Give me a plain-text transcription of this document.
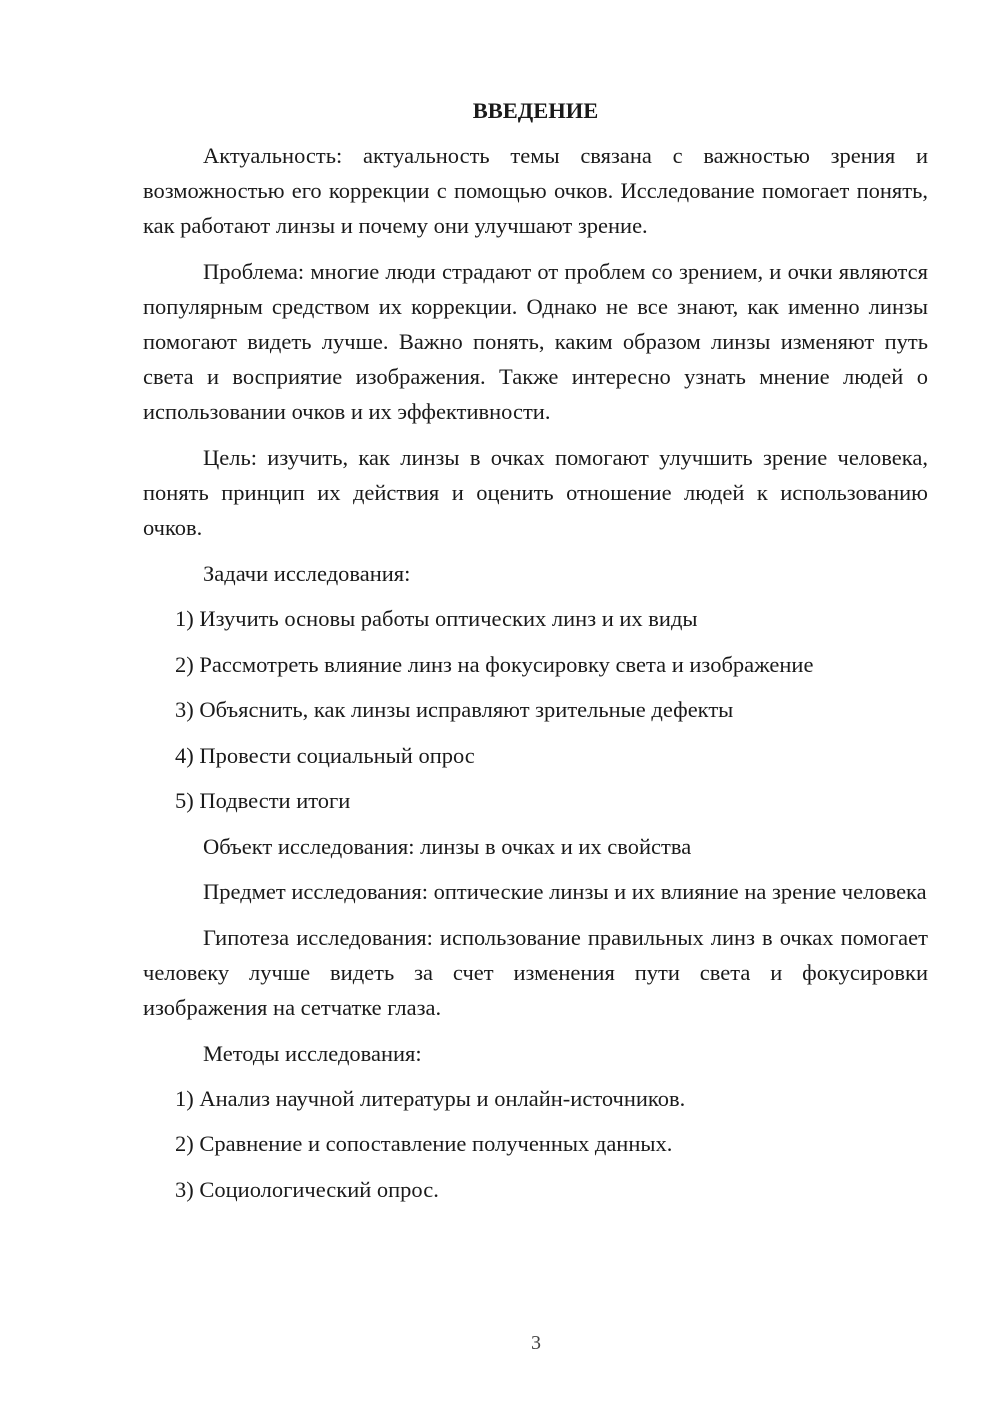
ВВЕДЕНИЕ

Актуальность: актуальность темы связана с важностью зрения и возможностью его коррекции с помощью очков. Исследование помогает понять, как работают линзы и почему они улучшают зрение.

Проблема: многие люди страдают от проблем со зрением, и очки являются популярным средством их коррекции. Однако не все знают, как именно линзы помогают видеть лучше. Важно понять, каким образом линзы изменяют путь света и восприятие изображения. Также интересно узнать мнение людей о использовании очков и их эффективности.

Цель: изучить, как линзы в очках помогают улучшить зрение человека, понять принцип их действия и оценить отношение людей к использованию очков.

Задачи исследования:

1) Изучить основы работы оптических линз и их виды
2) Рассмотреть влияние линз на фокусировку света и изображение
3) Объяснить, как линзы исправляют зрительные дефекты
4) Провести социальный опрос
5) Подвести итоги

Объект исследования: линзы в очках и их свойства

Предмет исследования: оптические линзы и их влияние на зрение человека

Гипотеза исследования: использование правильных линз в очках помогает человеку лучше видеть за счет изменения пути света и фокусировки изображения на сетчатке глаза.

Методы исследования:

1) Анализ научной литературы и онлайн-источников.
2) Сравнение и сопоставление полученных данных.
3) Социологический опрос.
3
